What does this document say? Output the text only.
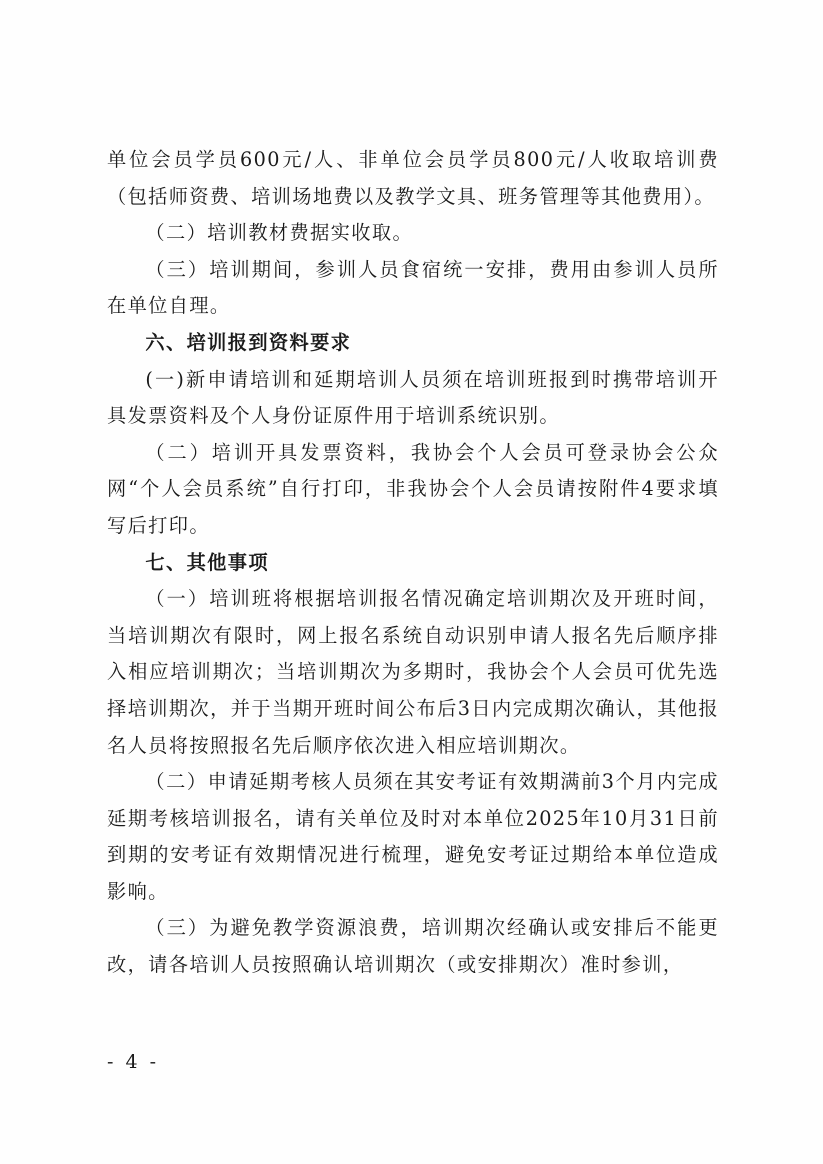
单位会员学员600元/人、非单位会员学员800元/人收取培训费（包括师资费、培训场地费以及教学文具、班务管理等其他费用）。

（二）培训教材费据实收取。

（三）培训期间，参训人员食宿统一安排，费用由参训人员所在单位自理。

六、培训报到资料要求

(一)新申请培训和延期培训人员须在培训班报到时携带培训开具发票资料及个人身份证原件用于培训系统识别。

（二）培训开具发票资料，我协会个人会员可登录协会公众网“个人会员系统”自行打印，非我协会个人会员请按附件4要求填写后打印。

七、其他事项

（一）培训班将根据培训报名情况确定培训期次及开班时间，当培训期次有限时，网上报名系统自动识别申请人报名先后顺序排入相应培训期次；当培训期次为多期时，我协会个人会员可优先选择培训期次，并于当期开班时间公布后3日内完成期次确认，其他报名人员将按照报名先后顺序依次进入相应培训期次。

（二）申请延期考核人员须在其安考证有效期满前3个月内完成延期考核培训报名，请有关单位及时对本单位2025年10月31日前到期的安考证有效期情况进行梳理，避免安考证过期给本单位造成影响。

（三）为避免教学资源浪费，培训期次经确认或安排后不能更改，请各培训人员按照确认培训期次（或安排期次）准时参训，

- 4 -
